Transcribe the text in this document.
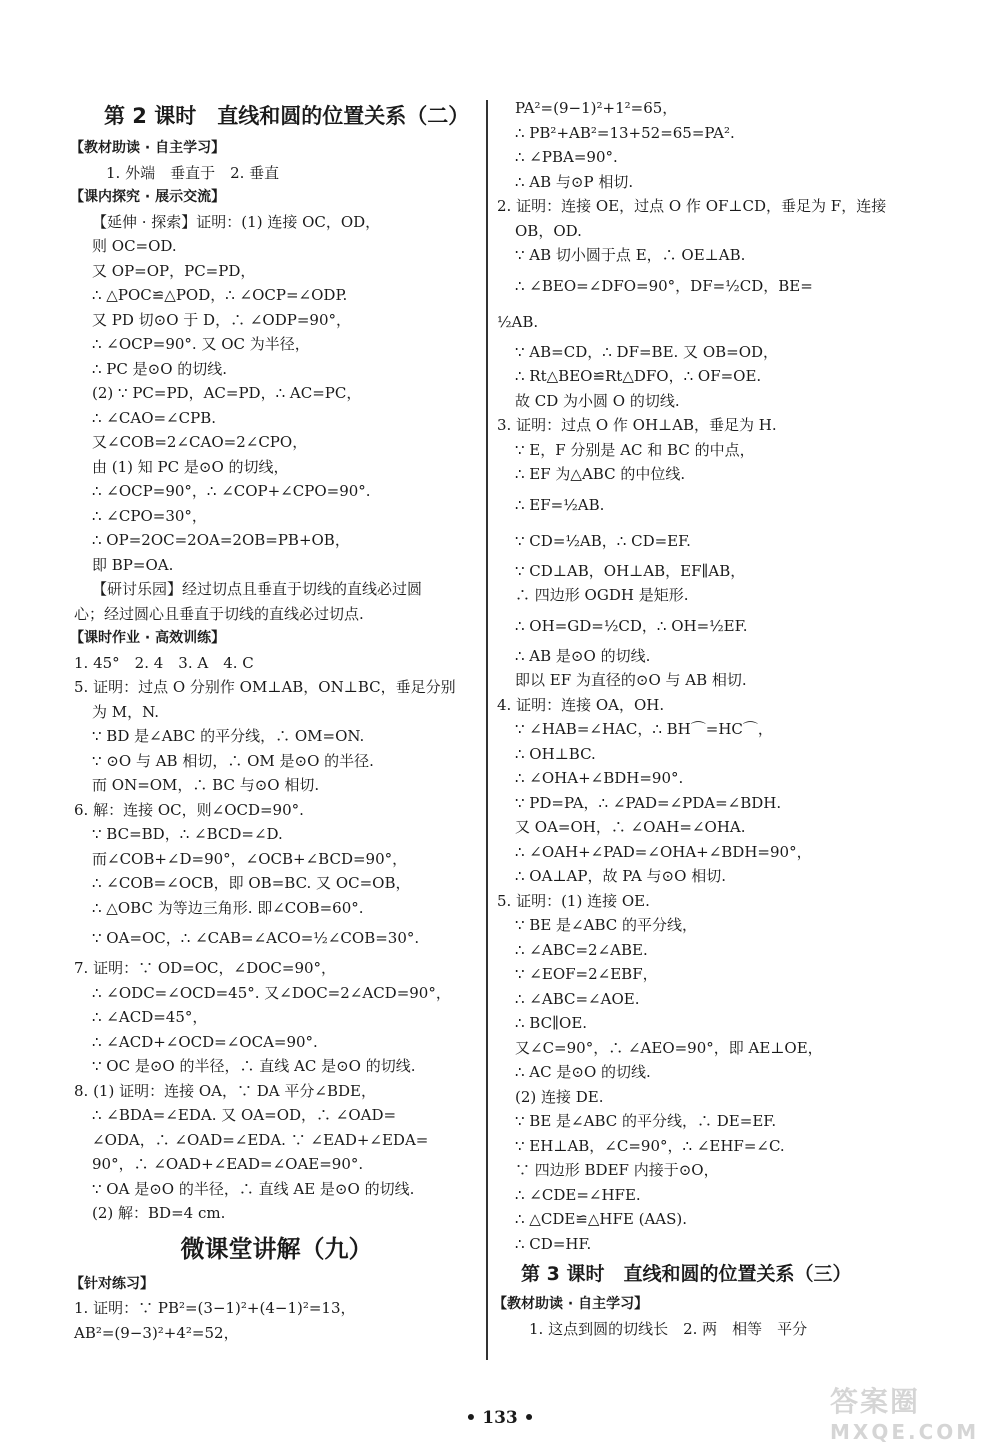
第 2 课时　直线和圆的位置关系（二）
【教材助读 · 自主学习】
1. 外端　垂直于　2. 垂直
【课内探究 · 展示交流】
【延伸 · 探索】证明：(1) 连接 OC，OD，
则 OC=OD.
又 OP=OP，PC=PD，
∴ △POC≌△POD，∴ ∠OCP=∠ODP.
又 PD 切⊙O 于 D，∴ ∠ODP=90°，
∴ ∠OCP=90°. 又 OC 为半径，
∴ PC 是⊙O 的切线.
(2) ∵ PC=PD，AC=PD，∴ AC=PC，
∴ ∠CAO=∠CPB.
又∠COB=2∠CAO=2∠CPO，
由 (1) 知 PC 是⊙O 的切线，
∴ ∠OCP=90°，∴ ∠COP+∠CPO=90°.
∴ ∠CPO=30°，
∴ OP=2OC=2OA=2OB=PB+OB，
即 BP=OA.
【研讨乐园】经过切点且垂直于切线的直线必过圆
心；经过圆心且垂直于切线的直线必过切点.
【课时作业 · 高效训练】
1. 45°　2. 4　3. A　4. C
5. 证明：过点 O 分别作 OM⊥AB，ON⊥BC，垂足分别
为 M，N.
∵ BD 是∠ABC 的平分线，∴ OM=ON.
∵ ⊙O 与 AB 相切，∴ OM 是⊙O 的半径.
而 ON=OM，∴ BC 与⊙O 相切.
6. 解：连接 OC，则∠OCD=90°.
∵ BC=BD，∴ ∠BCD=∠D.
而∠COB+∠D=90°，∠OCB+∠BCD=90°，
∴ ∠COB=∠OCB，即 OB=BC. 又 OC=OB，
∴ △OBC 为等边三角形. 即∠COB=60°.
∵ OA=OC，∴ ∠CAB=∠ACO=½∠COB=30°.
7. 证明：∵ OD=OC，∠DOC=90°，
∴ ∠ODC=∠OCD=45°. 又∠DOC=2∠ACD=90°，
∴ ∠ACD=45°，
∴ ∠ACD+∠OCD=∠OCA=90°.
∵ OC 是⊙O 的半径，∴ 直线 AC 是⊙O 的切线.
8. (1) 证明：连接 OA，∵ DA 平分∠BDE，
∴ ∠BDA=∠EDA. 又 OA=OD，∴ ∠OAD=
∠ODA，∴ ∠OAD=∠EDA. ∵ ∠EAD+∠EDA=
90°，∴ ∠OAD+∠EAD=∠OAE=90°.
∵ OA 是⊙O 的半径，∴ 直线 AE 是⊙O 的切线.
(2) 解：BD=4 cm.
微课堂讲解（九）
【针对练习】
1. 证明：∵ PB²=(3−1)²+(4−1)²=13，
AB²=(9−3)²+4²=52，
PA²=(9−1)²+1²=65，
∴ PB²+AB²=13+52=65=PA².
∴ ∠PBA=90°.
∴ AB 与⊙P 相切.
2. 证明：连接 OE，过点 O 作 OF⊥CD，垂足为 F，连接
OB，OD.
∵ AB 切小圆于点 E，∴ OE⊥AB.
∴ ∠BEO=∠DFO=90°，DF=½CD，BE=
½AB.
∵ AB=CD，∴ DF=BE. 又 OB=OD，
∴ Rt△BEO≌Rt△DFO，∴ OF=OE.
故 CD 为小圆 O 的切线.
3. 证明：过点 O 作 OH⊥AB，垂足为 H.
∵ E，F 分别是 AC 和 BC 的中点，
∴ EF 为△ABC 的中位线.
∴ EF=½AB.
∵ CD=½AB，∴ CD=EF.
∵ CD⊥AB，OH⊥AB，EF∥AB，
∴ 四边形 OGDH 是矩形.
∴ OH=GD=½CD，∴ OH=½EF.
∴ AB 是⊙O 的切线.
即以 EF 为直径的⊙O 与 AB 相切.
4. 证明：连接 OA，OH.
∵ ∠HAB=∠HAC，∴ BH⌒=HC⌒，
∴ OH⊥BC.
∴ ∠OHA+∠BDH=90°.
∵ PD=PA，∴ ∠PAD=∠PDA=∠BDH.
又 OA=OH，∴ ∠OAH=∠OHA.
∴ ∠OAH+∠PAD=∠OHA+∠BDH=90°，
∴ OA⊥AP，故 PA 与⊙O 相切.
5. 证明：(1) 连接 OE.
∵ BE 是∠ABC 的平分线，
∴ ∠ABC=2∠ABE.
∵ ∠EOF=2∠EBF，
∴ ∠ABC=∠AOE.
∴ BC∥OE.
又∠C=90°，∴ ∠AEO=90°，即 AE⊥OE，
∴ AC 是⊙O 的切线.
(2) 连接 DE.
∵ BE 是∠ABC 的平分线，∴ DE=EF.
∵ EH⊥AB，∠C=90°，∴ ∠EHF=∠C.
∵ 四边形 BDEF 内接于⊙O，
∴ ∠CDE=∠HFE.
∴ △CDE≌△HFE (AAS).
∴ CD=HF.
第 3 课时　直线和圆的位置关系（三）
【教材助读 · 自主学习】
1. 这点到圆的切线长　2. 两　相等　平分
• 133 •	答案圈
MXQE.COM
